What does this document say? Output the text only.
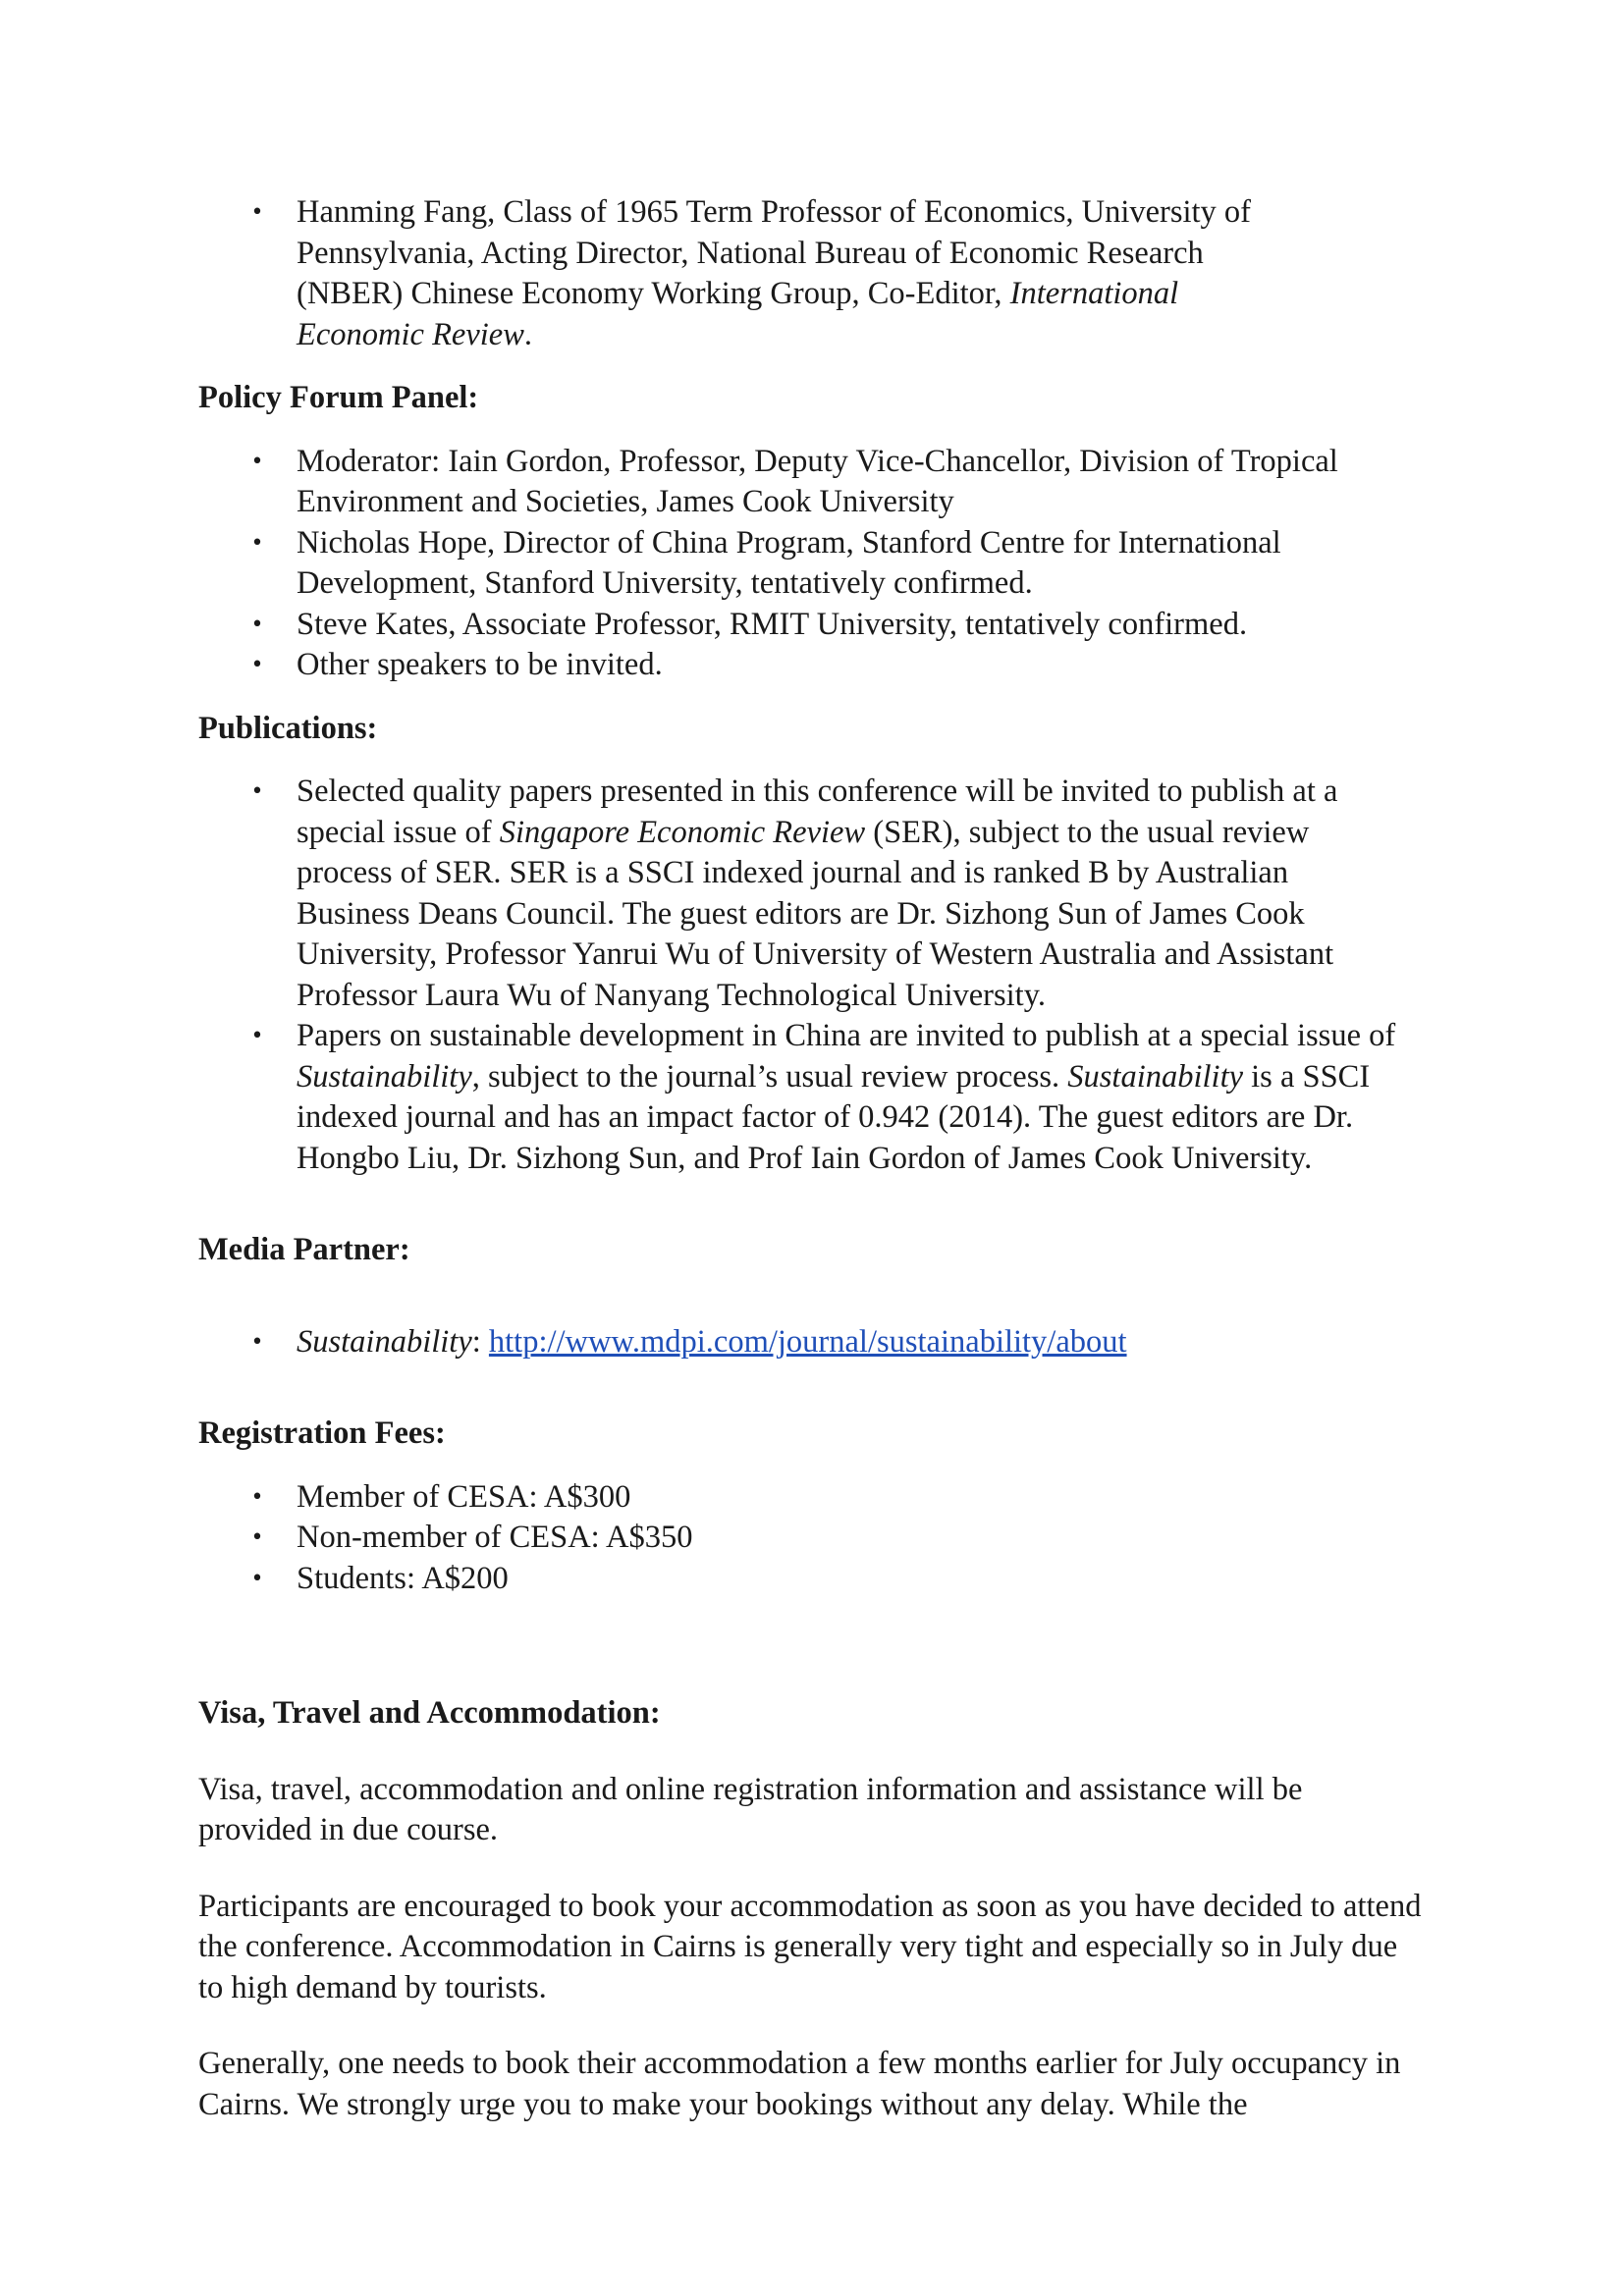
• Hanming Fang, Class of 1965 Term Professor of Economics, University of Pennsylvania, Acting Director, National Bureau of Economic Research (NBER) Chinese Economy Working Group, Co-Editor, International Economic Review.

Policy Forum Panel:

• Moderator: Iain Gordon, Professor, Deputy Vice-Chancellor, Division of Tropical Environment and Societies, James Cook University
• Nicholas Hope, Director of China Program, Stanford Centre for International Development, Stanford University, tentatively confirmed.
• Steve Kates, Associate Professor, RMIT University, tentatively confirmed.
• Other speakers to be invited.

Publications:

• Selected quality papers presented in this conference will be invited to publish at a special issue of Singapore Economic Review (SER), subject to the usual review process of SER. SER is a SSCI indexed journal and is ranked B by Australian Business Deans Council. The guest editors are Dr. Sizhong Sun of James Cook University, Professor Yanrui Wu of University of Western Australia and Assistant Professor Laura Wu of Nanyang Technological University.
• Papers on sustainable development in China are invited to publish at a special issue of Sustainability, subject to the journal’s usual review process. Sustainability is a SSCI indexed journal and has an impact factor of 0.942 (2014). The guest editors are Dr. Hongbo Liu, Dr. Sizhong Sun, and Prof Iain Gordon of James Cook University.

Media Partner:

• Sustainability: http://www.mdpi.com/journal/sustainability/about

Registration Fees:

• Member of CESA: A$300
• Non-member of CESA: A$350
• Students: A$200

Visa, Travel and Accommodation:

Visa, travel, accommodation and online registration information and assistance will be provided in due course.

Participants are encouraged to book your accommodation as soon as you have decided to attend the conference. Accommodation in Cairns is generally very tight and especially so in July due to high demand by tourists.

Generally, one needs to book their accommodation a few months earlier for July occupancy in Cairns. We strongly urge you to make your bookings without any delay. While the
